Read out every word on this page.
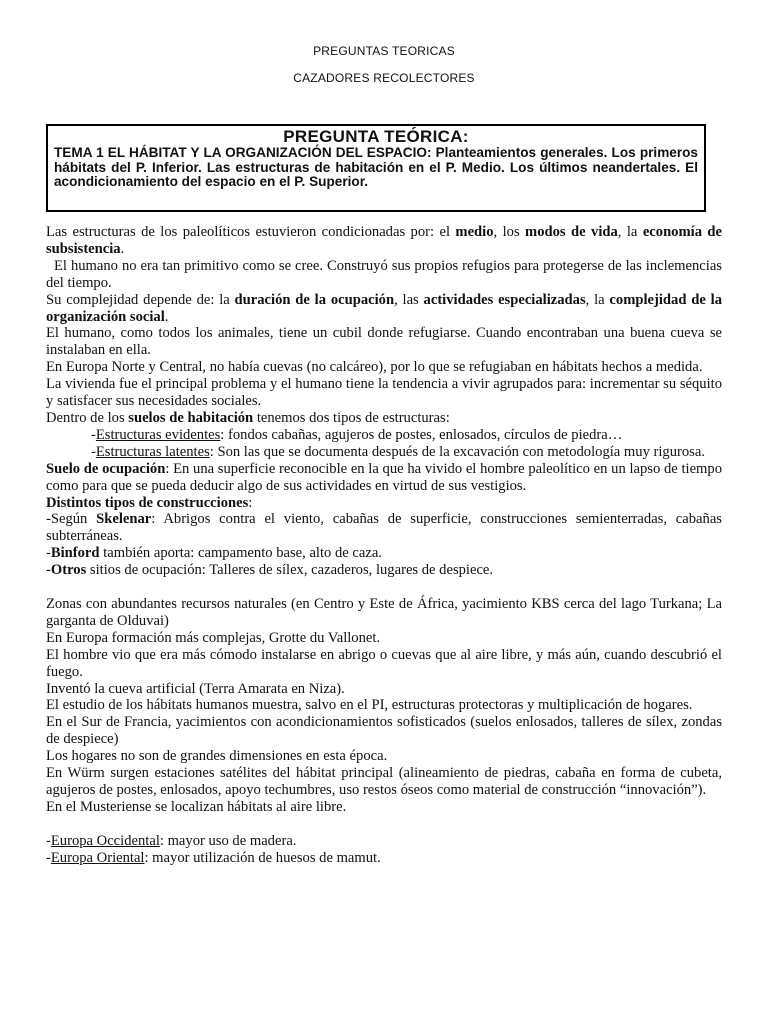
PREGUNTAS TEORICAS
CAZADORES RECOLECTORES
PREGUNTA TEÓRICA:
TEMA 1 EL HÁBITAT Y LA ORGANIZACIÓN DEL ESPACIO: Planteamientos generales. Los primeros hábitats del P. Inferior. Las estructuras de habitación en el P. Medio. Los últimos neandertales. El acondicionamiento del espacio en el P. Superior.

Las estructuras de los paleolíticos estuvieron condicionadas por: el medio, los modos de vida, la economía de subsistencia.

El humano no era tan primitivo como se cree. Construyó sus propios refugios para protegerse de las inclemencias del tiempo.

Su complejidad depende de: la duración de la ocupación, las actividades especializadas, la complejidad de la organización social.

El humano, como todos los animales, tiene un cubil donde refugiarse. Cuando encontraban una buena cueva se instalaban en ella.

En Europa Norte y Central, no había cuevas (no calcáreo), por lo que se refugiaban en hábitats hechos a medida.

La vivienda fue el principal problema y el humano tiene la tendencia a vivir agrupados para: incrementar su séquito y satisfacer sus necesidades sociales.

Dentro de los suelos de habitación tenemos dos tipos de estructuras:

-Estructuras evidentes: fondos cabañas, agujeros de postes, enlosados, círculos de piedra…

-Estructuras latentes: Son las que se documenta después de la excavación con metodología muy rigurosa.

Suelo de ocupación: En una superficie reconocible en la que ha vivido el hombre paleolítico en un lapso de tiempo como para que se pueda deducir algo de sus actividades en virtud de sus vestigios.

Distintos tipos de construcciones:

-Según Skelenar: Abrigos contra el viento, cabañas de superficie, construcciones semienterradas, cabañas subterráneas.

-Binford también aporta: campamento base, alto de caza.

-Otros sitios de ocupación: Talleres de sílex, cazaderos, lugares de despiece.

Zonas con abundantes recursos naturales (en Centro y Este de África, yacimiento KBS cerca del lago Turkana; La garganta de Olduvai)

En Europa formación más complejas, Grotte du Vallonet.

El hombre vio que era más cómodo instalarse en abrigo o cuevas que al aire libre, y más aún, cuando descubrió el fuego.

Inventó la cueva artificial (Terra Amarata en Niza).

El estudio de los hábitats humanos muestra, salvo en el PI, estructuras protectoras y multiplicación de hogares.

En el Sur de Francia, yacimientos con acondicionamientos sofisticados (suelos enlosados, talleres de sílex, zondas de despiece)

Los hogares no son de grandes dimensiones en esta época.

En Würm surgen estaciones satélites del hábitat principal (alineamiento de piedras, cabaña en forma de cubeta, agujeros de postes, enlosados, apoyo techumbres, uso restos óseos como material de construcción “innovación”).

En el Musteriense se localizan hábitats al aire libre.

-Europa Occidental: mayor uso de madera.

-Europa Oriental: mayor utilización de huesos de mamut.
